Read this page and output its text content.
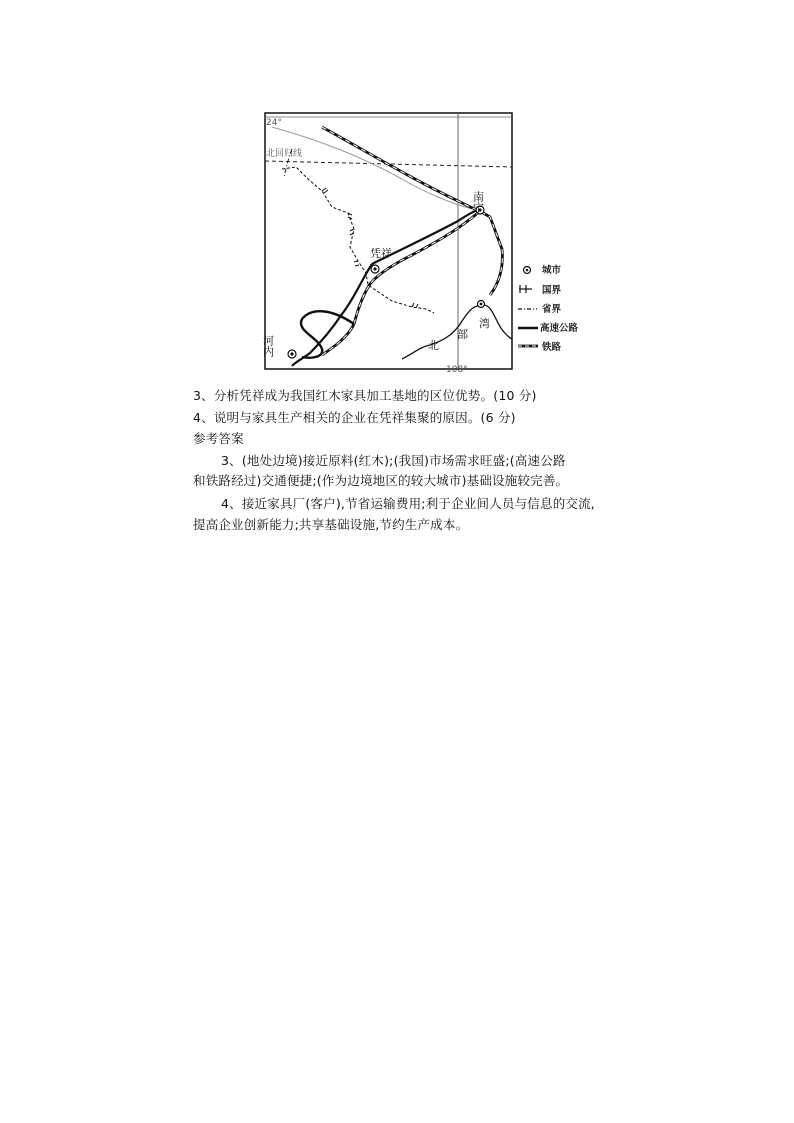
24°
北回归线
108°
南宁
凭祥
河内	北
部
湾
城市
国界
省界
高速公路
铁路
3、分析凭祥成为我国红木家具加工基地的区位优势。(10 分)
4、说明与家具生产相关的企业在凭祥集聚的原因。(6 分)
参考答案
3、(地处边境)接近原料(红木);(我国)市场需求旺盛;(高速公路
和铁路经过)交通便捷;(作为边境地区的较大城市)基础设施较完善。
4、接近家具厂(客户),节省运输费用;利于企业间人员与信息的交流,
提高企业创新能力;共享基础设施,节约生产成本。
